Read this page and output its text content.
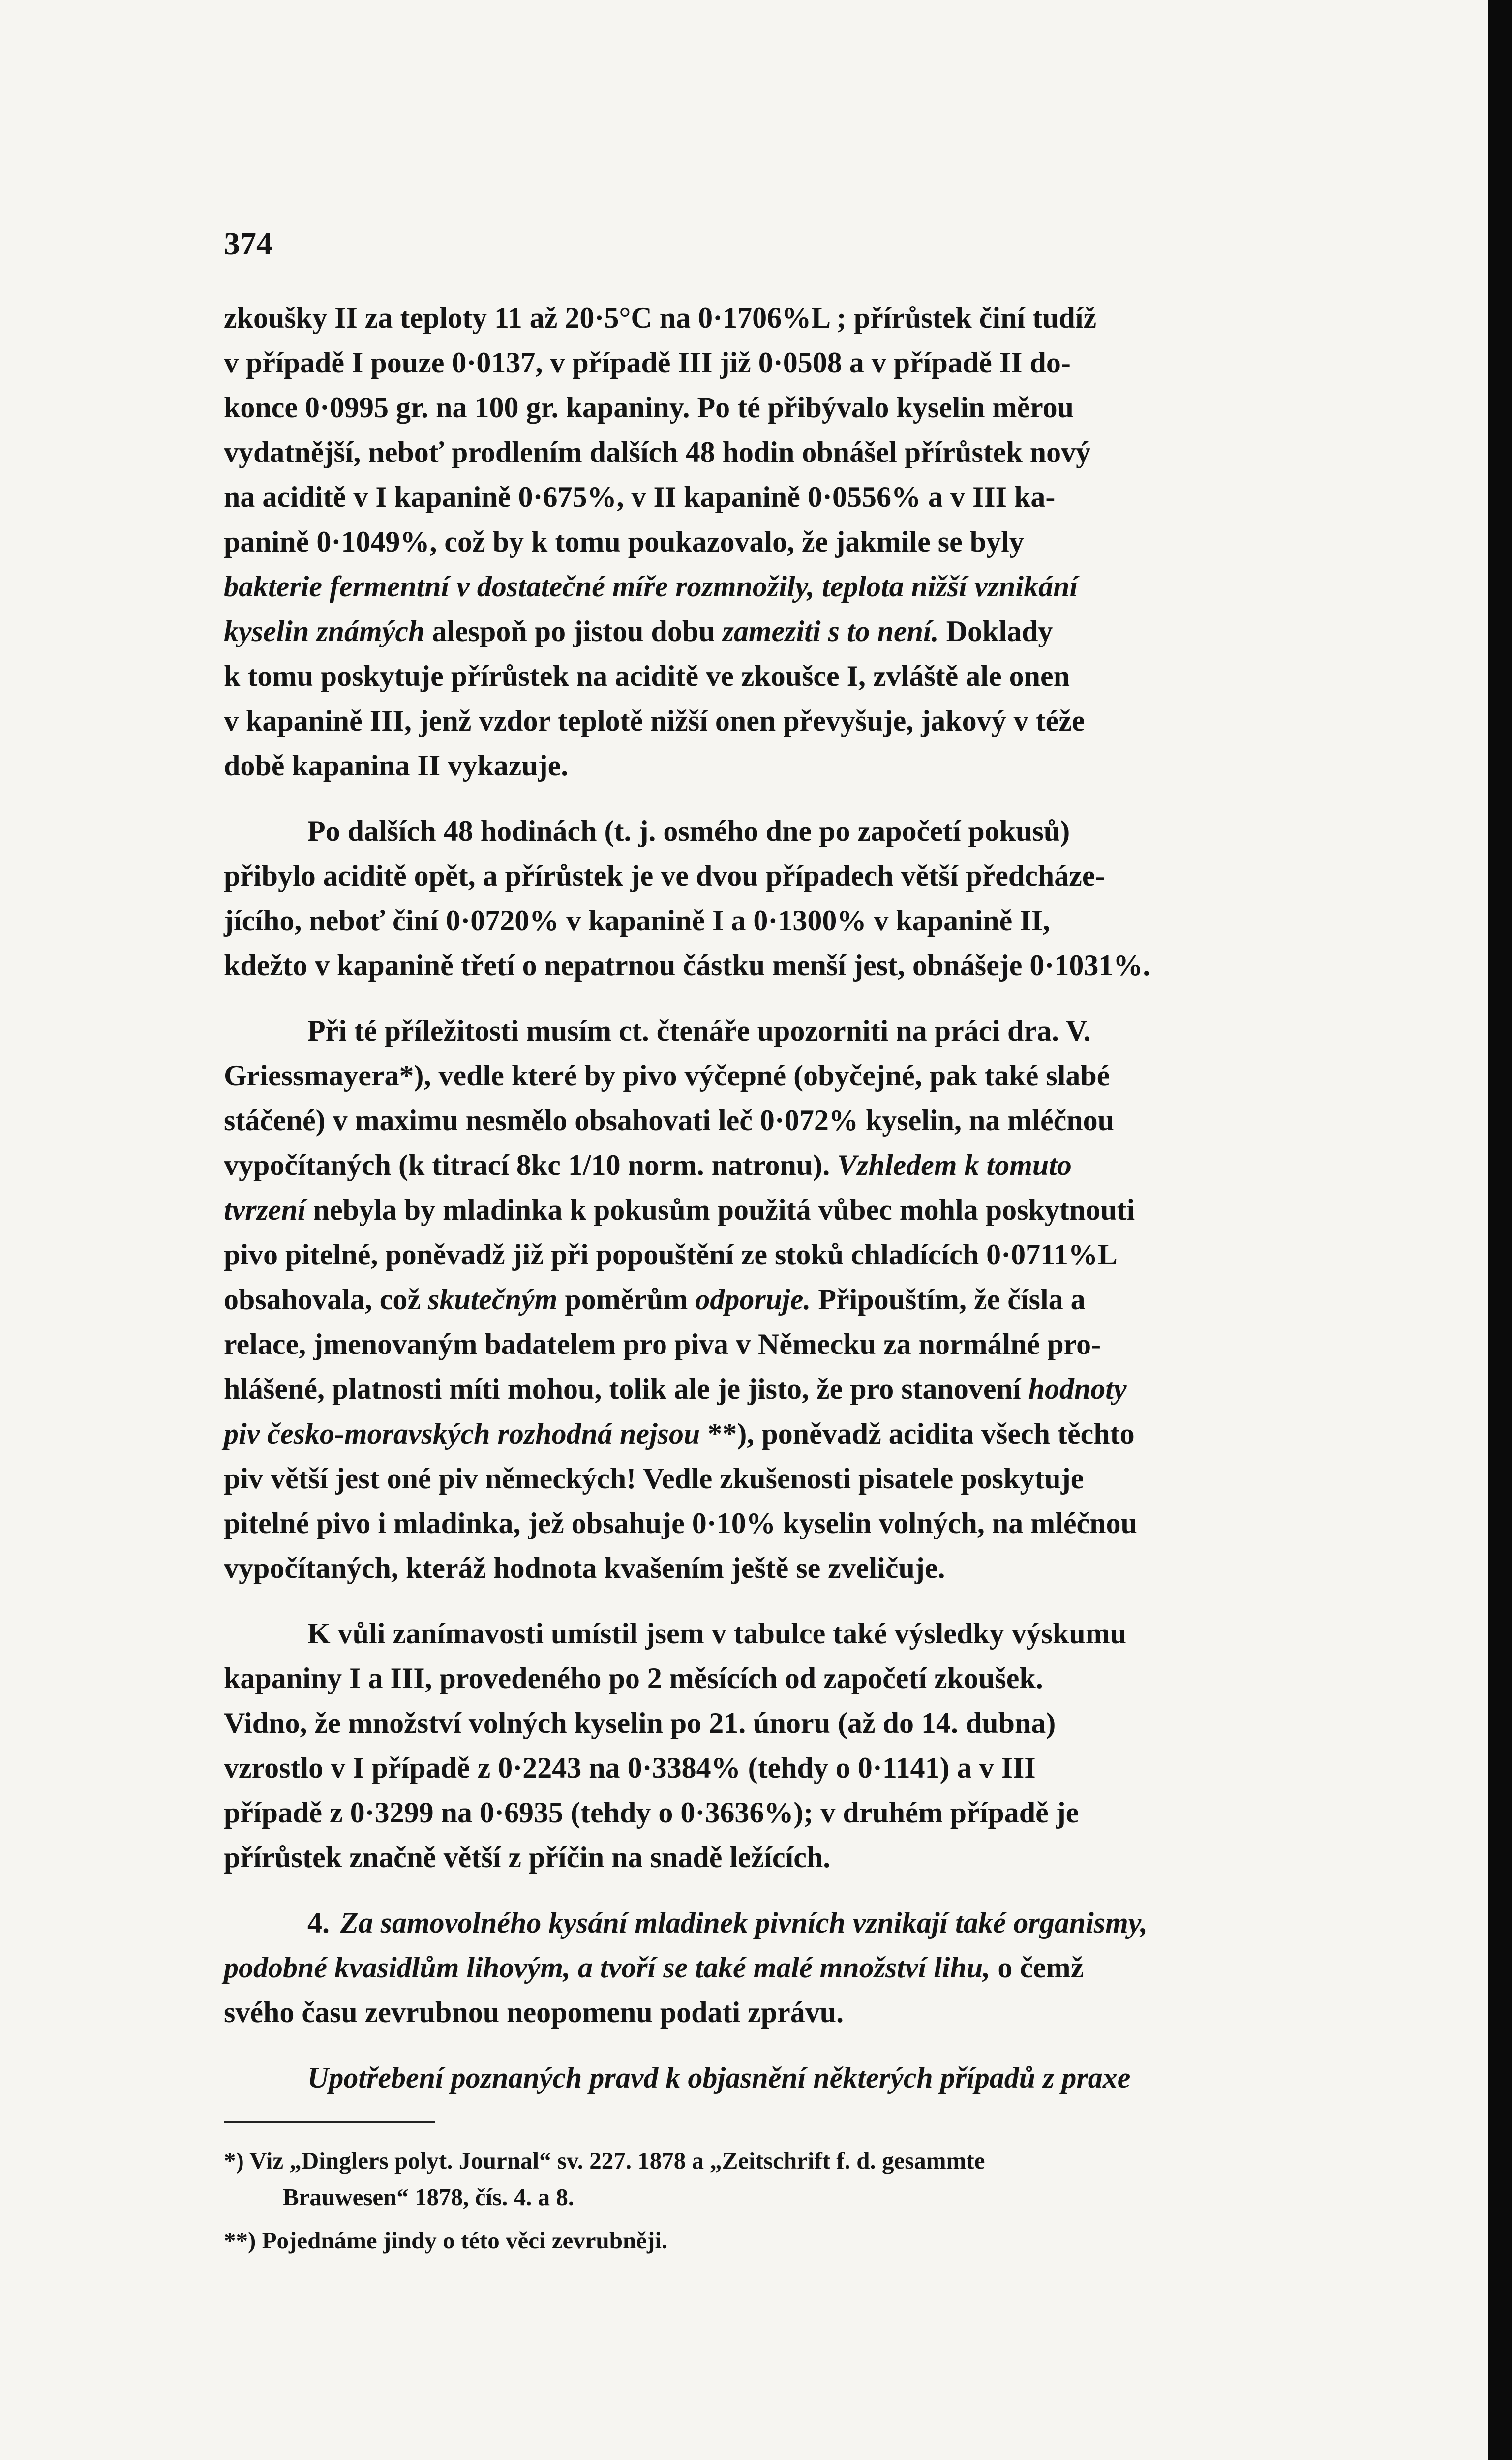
374
zkoušky II za teploty 11 až 20·5°C na 0·1706%L ; přírůstek činí tudíž
v případě I pouze 0·0137, v případě III již 0·0508 a v případě II do-
konce 0·0995 gr. na 100 gr. kapaniny. Po té přibývalo kyselin měrou
vydatnější, neboť prodlením dalších 48 hodin obnášel přírůstek nový
na aciditě v I kapanině 0·675%, v II kapanině 0·0556% a v III ka-
panině 0·1049%, což by k tomu poukazovalo, že jakmile se byly
bakterie fermentní v dostatečné míře rozmnožily, teplota nižší vznikání
kyselin známých alespoň po jistou dobu zameziti s to není. Doklady
k tomu poskytuje přírůstek na aciditě ve zkoušce I, zvláště ale onen
v kapanině III, jenž vzdor teplotě nižší onen převyšuje, jakový v téže
době kapanina II vykazuje.
Po dalších 48 hodinách (t. j. osmého dne po započetí pokusů)
přibylo aciditě opět, a přírůstek je ve dvou případech větší předcháze-
jícího, neboť činí 0·0720% v kapanině I a 0·1300% v kapanině II,
kdežto v kapanině třetí o nepatrnou částku menší jest, obnášeje 0·1031%.
Při té příležitosti musím ct. čtenáře upozorniti na práci dra. V.
Griessmayera*), vedle které by pivo výčepné (obyčejné, pak také slabé
stáčené) v maximu nesmělo obsahovati leč 0·072% kyselin, na mléčnou
vypočítaných (k titrací 8kc 1/10 norm. natronu). Vzhledem k tomuto
tvrzení nebyla by mladinka k pokusům použitá vůbec mohla poskytnouti
pivo pitelné, poněvadž již při popouštění ze stoků chladících 0·0711%L
obsahovala, což skutečným poměrům odporuje. Připouštím, že čísla a
relace, jmenovaným badatelem pro piva v Německu za normálné pro-
hlášené, platnosti míti mohou, tolik ale je jisto, že pro stanovení hodnoty
piv česko-moravských rozhodná nejsou **), poněvadž acidita všech těchto
piv větší jest oné piv německých! Vedle zkušenosti pisatele poskytuje
pitelné pivo i mladinka, jež obsahuje 0·10% kyselin volných, na mléčnou
vypočítaných, kteráž hodnota kvašením ještě se zveličuje.
K vůli zanímavosti umístil jsem v tabulce také výsledky výskumu
kapaniny I a III, provedeného po 2 měsících od započetí zkoušek.
Vidno, že množství volných kyselin po 21. únoru (až do 14. dubna)
vzrostlo v I případě z 0·2243 na 0·3384% (tehdy o 0·1141) a v III
případě z 0·3299 na 0·6935 (tehdy o 0·3636%); v druhém případě je
přírůstek značně větší z příčin na snadě ležících.
4. Za samovolného kysání mladinek pivních vznikají také organismy,
podobné kvasidlům lihovým, a tvoří se také malé množství lihu, o čemž
svého času zevrubnou neopomenu podati zprávu.
Upotřebení poznaných pravd k objasnění některých případů z praxe
*) Viz „Dinglers polyt. Journal“ sv. 227. 1878 a „Zeitschrift f. d. gesammte
Brauwesen“ 1878, čís. 4. a 8.
**) Pojednáme jindy o této věci zevrubněji.
